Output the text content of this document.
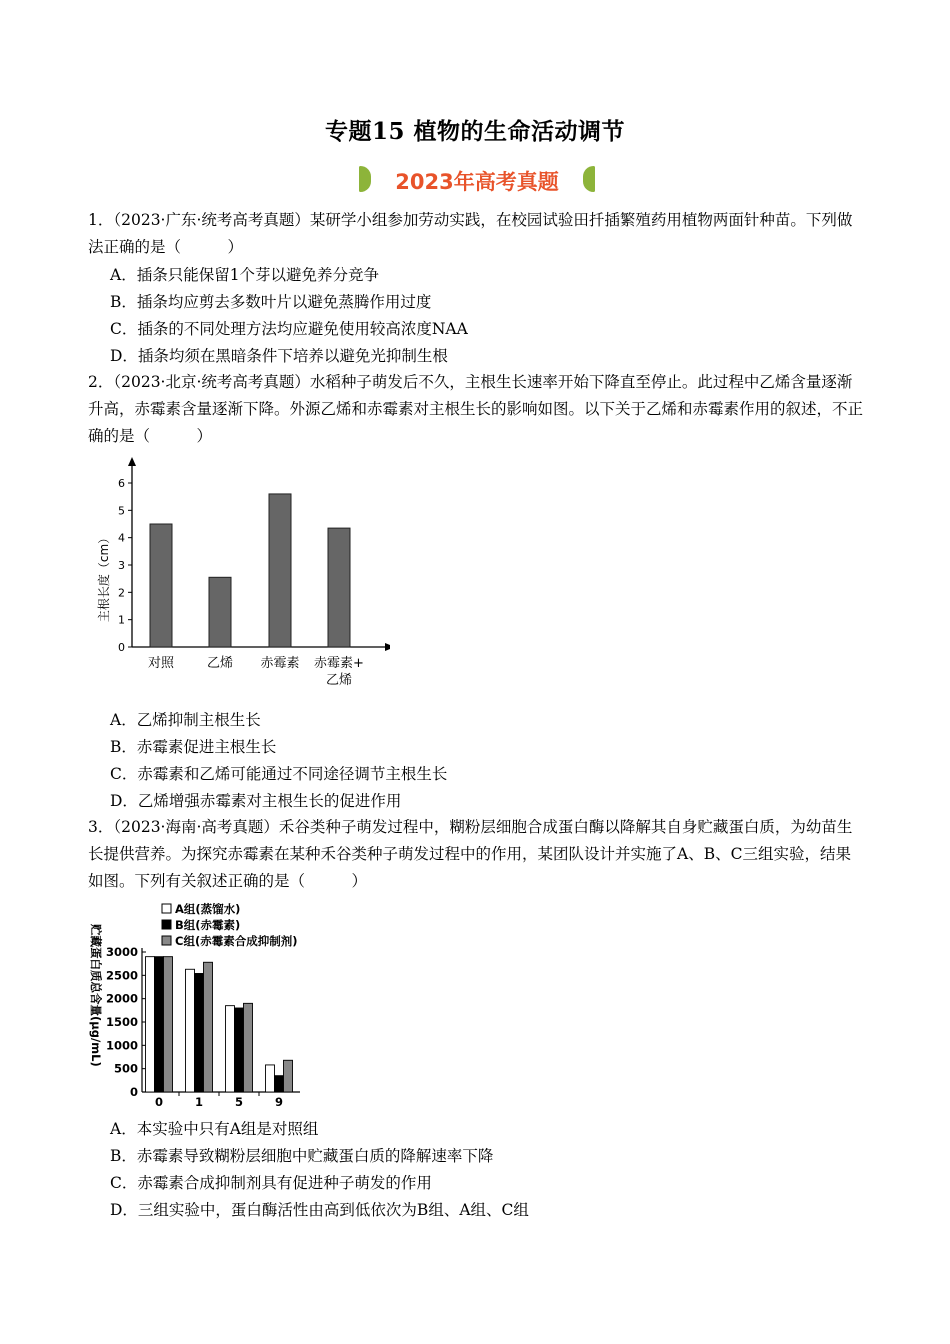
专题15 植物的生命活动调节
2023年高考真题
1．（2023·广东·统考高考真题）某研学小组参加劳动实践，在校园试验田扦插繁殖药用植物两面针种苗。下列做法正确的是（　　　）
A．插条只能保留1个芽以避免养分竞争
B．插条均应剪去多数叶片以避免蒸腾作用过度
C．插条的不同处理方法均应避免使用较高浓度NAA
D．插条均须在黑暗条件下培养以避免光抑制生根
2．（2023·北京·统考高考真题）水稻种子萌发后不久，主根生长速率开始下降直至停止。此过程中乙烯含量逐渐升高，赤霉素含量逐渐下降。外源乙烯和赤霉素对主根生长的影响如图。以下关于乙烯和赤霉素作用的叙述，不正确的是（　　　）
0
1
2
3
4
5
6
主根长度（cm）
对照	乙烯 赤霉素 赤霉素+
乙烯
A．乙烯抑制主根生长
B．赤霉素促进主根生长
C．赤霉素和乙烯可能通过不同途径调节主根生长
D．乙烯增强赤霉素对主根生长的促进作用
3．（2023·海南·高考真题）禾谷类种子萌发过程中，糊粉层细胞合成蛋白酶以降解其自身贮藏蛋白质，为幼苗生长提供营养。为探究赤霉素在某种禾谷类种子萌发过程中的作用，某团队设计并实施了A、B、C三组实验，结果如图。下列有关叙述正确的是（　　　）
A组(蒸馏水)
B组(赤霉素)
C组(赤霉素合成抑制剂)
贮藏蛋白质总含量(μg/mL)
0
500
1000
1500
2000
2500
3000
0	1	5	9
A．本实验中只有A组是对照组
B．赤霉素导致糊粉层细胞中贮藏蛋白质的降解速率下降
C．赤霉素合成抑制剂具有促进种子萌发的作用
D．三组实验中，蛋白酶活性由高到低依次为B组、A组、C组
